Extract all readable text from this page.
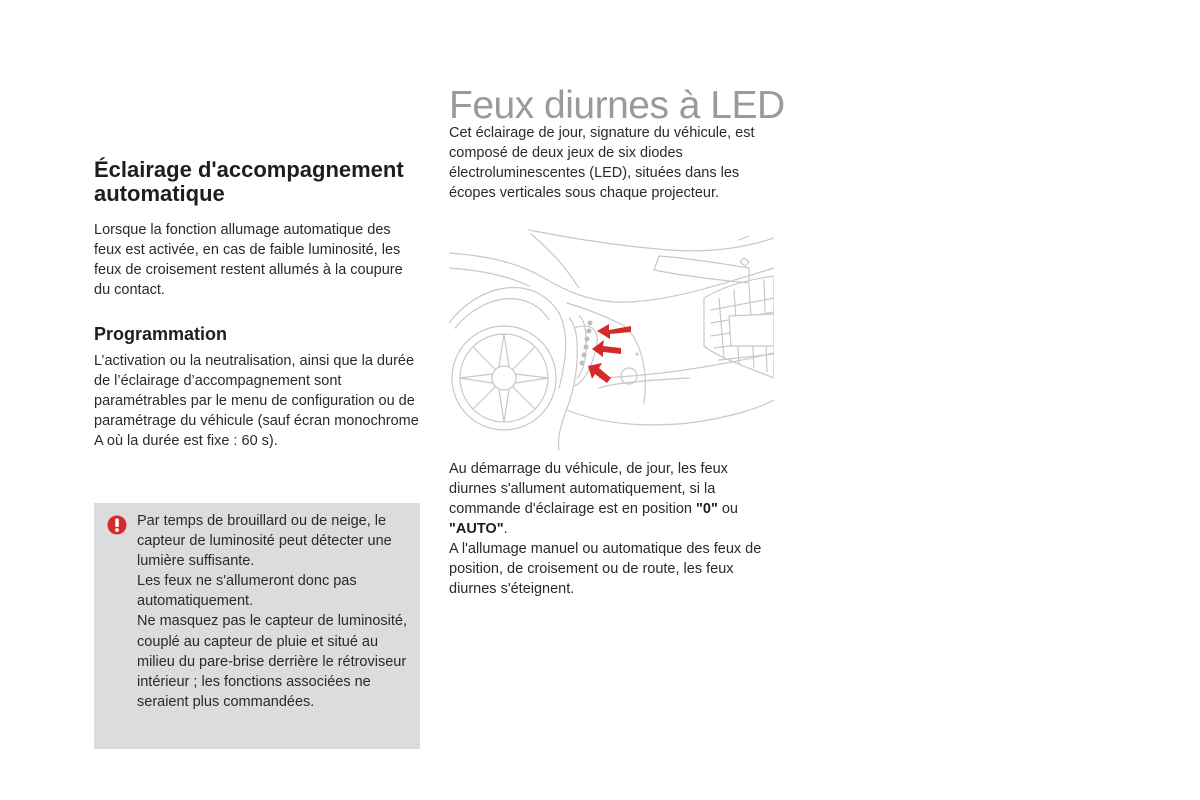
Éclairage d'accompagnement automatique

Lorsque la fonction allumage automatique des feux est activée, en cas de faible luminosité, les feux de croisement restent allumés à la coupure du contact.

Programmation

L’activation ou la neutralisation, ainsi que la durée de l’éclairage d’accompagnement sont paramétrables par le menu de configuration ou de paramétrage du véhicule (sauf écran monochrome A où la durée est fixe : 60 s).

Par temps de brouillard ou de neige, le capteur de luminosité peut détecter une lumière suffisante.
Les feux ne s'allumeront donc pas automatiquement.
Ne masquez pas le capteur de luminosité, couplé au capteur de pluie et situé au milieu du pare-brise derrière le rétroviseur intérieur ; les fonctions associées ne seraient plus commandées.
Feux diurnes à LED

Cet éclairage de jour, signature du véhicule, est composé de deux jeux de six diodes électroluminescentes (LED), situées dans les écopes verticales sous chaque projecteur.

Au démarrage du véhicule, de jour, les feux diurnes s'allument automatiquement, si la commande d'éclairage est en position "0" ou
"AUTO".
A l'allumage manuel ou automatique des feux de position, de croisement ou de route, les feux diurnes s'éteignent.
